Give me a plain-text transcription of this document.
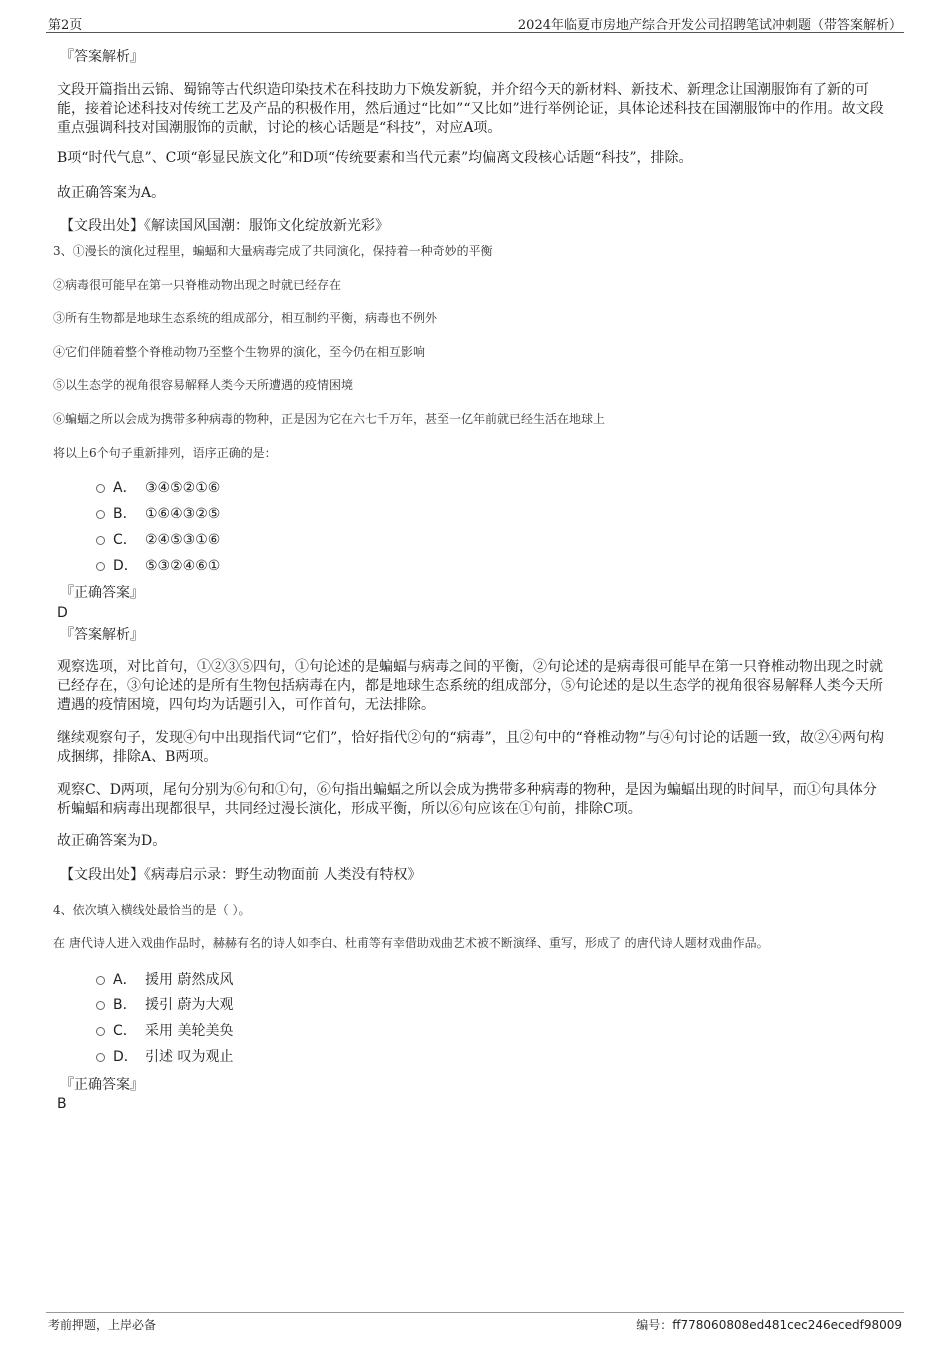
第2页	2024年临夏市房地产综合开发公司招聘笔试冲刺题（带答案解析）
『答案解析』

文段开篇指出云锦、蜀锦等古代织造印染技术在科技助力下焕发新貌，并介绍今天的新材料、新技术、新理念让国潮服饰有了新的可能，接着论述科技对传统工艺及产品的积极作用，然后通过“比如”“又比如”进行举例论证，具体论述科技在国潮服饰中的作用。故文段重点强调科技对国潮服饰的贡献，讨论的核心话题是“科技”，对应A项。

B项“时代气息”、C项“彰显民族文化”和D项“传统要素和当代元素”均偏离文段核心话题“科技”，排除。

故正确答案为A。

【文段出处】《解读国风国潮：服饰文化绽放新光彩》
3、①漫长的演化过程里，蝙蝠和大量病毒完成了共同演化，保持着一种奇妙的平衡
②病毒很可能早在第一只脊椎动物出现之时就已经存在
③所有生物都是地球生态系统的组成部分，相互制约平衡，病毒也不例外
④它们伴随着整个脊椎动物乃至整个生物界的演化，至今仍在相互影响
⑤以生态学的视角很容易解释人类今天所遭遇的疫情困境
⑥蝙蝠之所以会成为携带多种病毒的物种，正是因为它在六七千万年，甚至一亿年前就已经生活在地球上
将以上6个句子重新排列，语序正确的是：
A． ③④⑤②①⑥
B． ①⑥④③②⑤
C． ②④⑤③①⑥
D． ⑤③②④⑥①
『正确答案』
D
『答案解析』

观察选项，对比首句，①②③⑤四句，①句论述的是蝙蝠与病毒之间的平衡，②句论述的是病毒很可能早在第一只脊椎动物出现之时就已经存在，③句论述的是所有生物包括病毒在内，都是地球生态系统的组成部分，⑤句论述的是以生态学的视角很容易解释人类今天所遭遇的疫情困境，四句均为话题引入，可作首句，无法排除。

继续观察句子，发现④句中出现指代词“它们”，恰好指代②句的“病毒”，且②句中的“脊椎动物”与④句讨论的话题一致，故②④两句构成捆绑，排除A、B两项。

观察C、D两项，尾句分别为⑥句和①句，⑥句指出蝙蝠之所以会成为携带多种病毒的物种，是因为蝙蝠出现的时间早，而①句具体分析蝙蝠和病毒出现都很早，共同经过漫长演化，形成平衡，所以⑥句应该在①句前，排除C项。

故正确答案为D。

【文段出处】《病毒启示录：野生动物面前 人类没有特权》
4、依次填入横线处最恰当的是（ ）。
在 唐代诗人进入戏曲作品时，赫赫有名的诗人如李白、杜甫等有幸借助戏曲艺术被不断演绎、重写，形成了 的唐代诗人题材戏曲作品。
A． 援用 蔚然成风
B． 援引 蔚为大观
C． 采用 美轮美奂
D． 引述 叹为观止
『正确答案』
B
考前押题，上岸必备	编号：ff778060808ed481cec246ecedf98009
